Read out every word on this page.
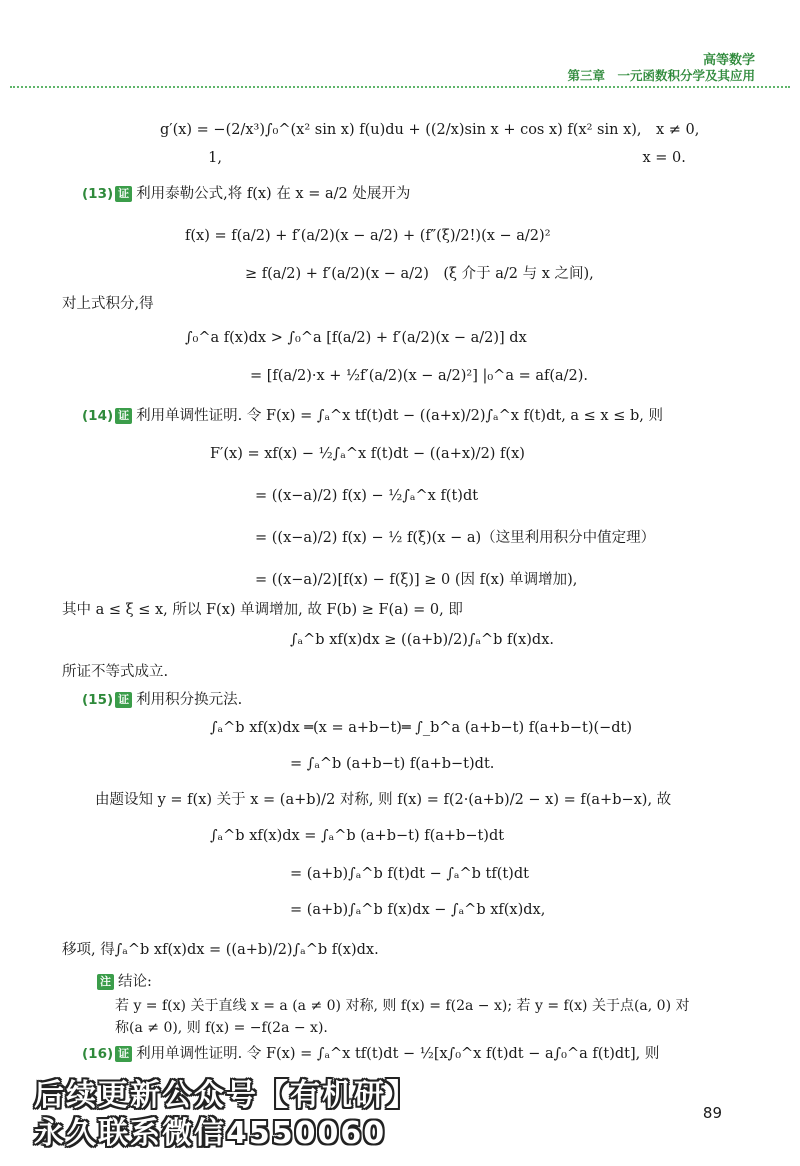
高等数学
第三章　一元函数积分学及其应用
g′(x) = −(2/x³)∫₀^(x² sin x) f(u)du + ((2/x)sin x + cos x) f(x² sin x),　x ≠ 0,
　　　 1,　　　　　　　　　　　　　　　　　　　　　　　　　　　　　x = 0.
(13) 证 利用泰勒公式,将 f(x) 在 x = a/2 处展开为
f(x) = f(a/2) + f′(a/2)(x − a/2) + (f″(ξ)/2!)(x − a/2)²
≥ f(a/2) + f′(a/2)(x − a/2)　(ξ 介于 a/2 与 x 之间),
对上式积分,得
∫₀^a f(x)dx > ∫₀^a [f(a/2) + f′(a/2)(x − a/2)] dx
= [f(a/2)·x + ½f′(a/2)(x − a/2)²] |₀^a = af(a/2).
(14) 证 利用单调性证明. 令 F(x) = ∫ₐ^x tf(t)dt − ((a+x)/2)∫ₐ^x f(t)dt, a ≤ x ≤ b, 则
F′(x) = xf(x) − ½∫ₐ^x f(t)dt − ((a+x)/2) f(x)
= ((x−a)/2) f(x) − ½∫ₐ^x f(t)dt
= ((x−a)/2) f(x) − ½ f(ξ)(x − a)（这里利用积分中值定理）
= ((x−a)/2)[f(x) − f(ξ)] ≥ 0 (因 f(x) 单调增加),
其中 a ≤ ξ ≤ x, 所以 F(x) 单调增加, 故 F(b) ≥ F(a) = 0, 即
∫ₐ^b xf(x)dx ≥ ((a+b)/2)∫ₐ^b f(x)dx.
所证不等式成立.
(15) 证 利用积分换元法.
∫ₐ^b xf(x)dx ═(x = a+b−t)═ ∫_b^a (a+b−t) f(a+b−t)(−dt)
= ∫ₐ^b (a+b−t) f(a+b−t)dt.
由题设知 y = f(x) 关于 x = (a+b)/2 对称, 则 f(x) = f(2·(a+b)/2 − x) = f(a+b−x), 故
∫ₐ^b xf(x)dx = ∫ₐ^b (a+b−t) f(a+b−t)dt
= (a+b)∫ₐ^b f(t)dt − ∫ₐ^b tf(t)dt
= (a+b)∫ₐ^b f(x)dx − ∫ₐ^b xf(x)dx,
移项, 得∫ₐ^b xf(x)dx = ((a+b)/2)∫ₐ^b f(x)dx.
注 结论:
若 y = f(x) 关于直线 x = a (a ≠ 0) 对称, 则 f(x) = f(2a − x); 若 y = f(x) 关于点(a, 0) 对
称(a ≠ 0), 则 f(x) = −f(2a − x).
(16) 证 利用单调性证明. 令 F(x) = ∫ₐ^x tf(t)dt − ½[x∫₀^x f(t)dt − a∫₀^a f(t)dt], 则
89
后续更新公众号【有机研】
永久联系微信4550060
